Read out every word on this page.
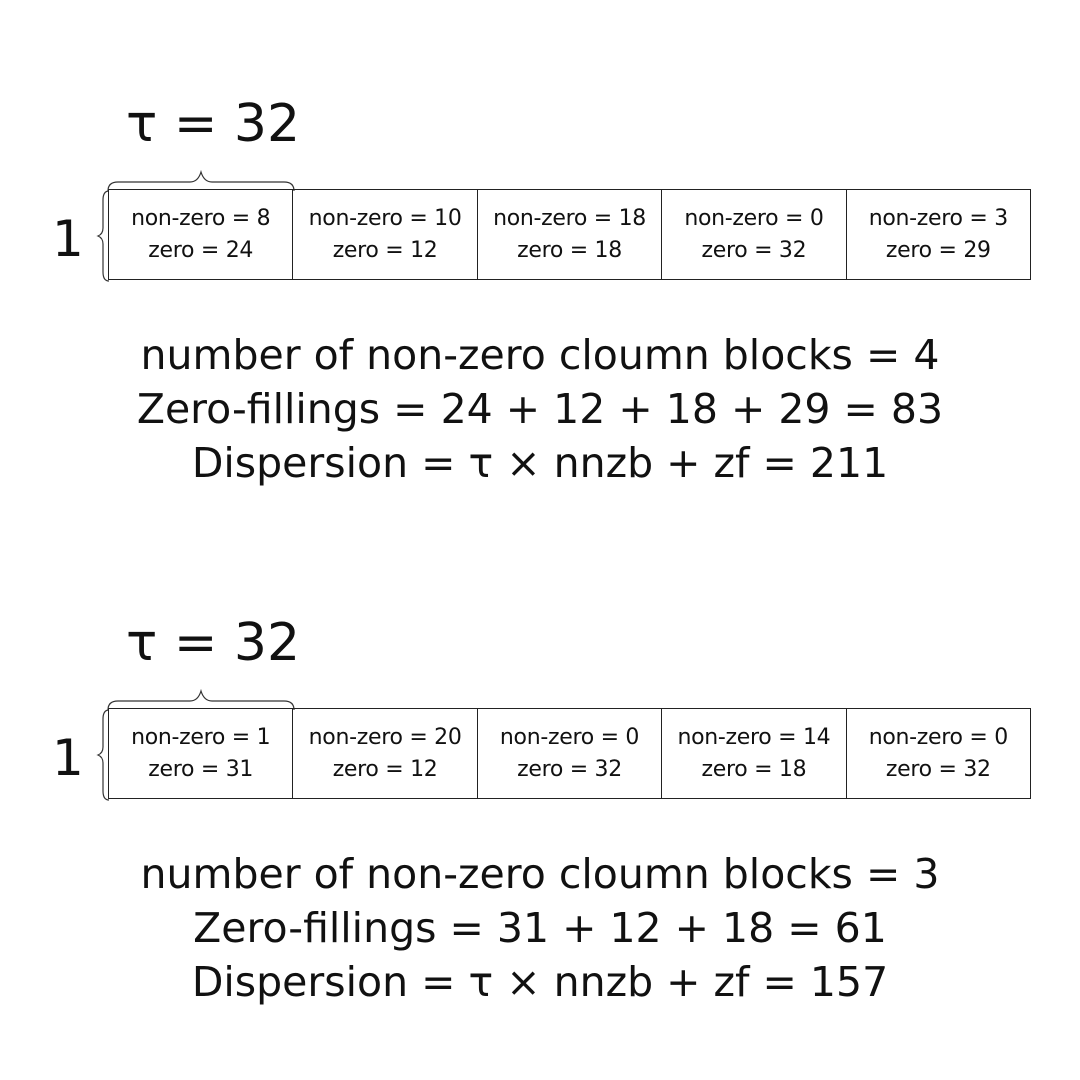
τ = 32
1 non-zero = 8
zero = 24
non-zero = 10
zero = 12
non-zero = 18
zero = 18
non-zero = 0
zero = 32
non-zero = 3
zero = 29
number of non-zero cloumn blocks = 4
Zero-fillings = 24 + 12 + 18 + 29 = 83
Dispersion = τ × nnzb + zf = 211
τ = 32
1 non-zero = 1
zero = 31
non-zero = 20
zero = 12
non-zero = 0
zero = 32
non-zero = 14
zero = 18
non-zero = 0
zero = 32
number of non-zero cloumn blocks = 3
Zero-fillings = 31 + 12 + 18 = 61
Dispersion = τ × nnzb + zf = 157
